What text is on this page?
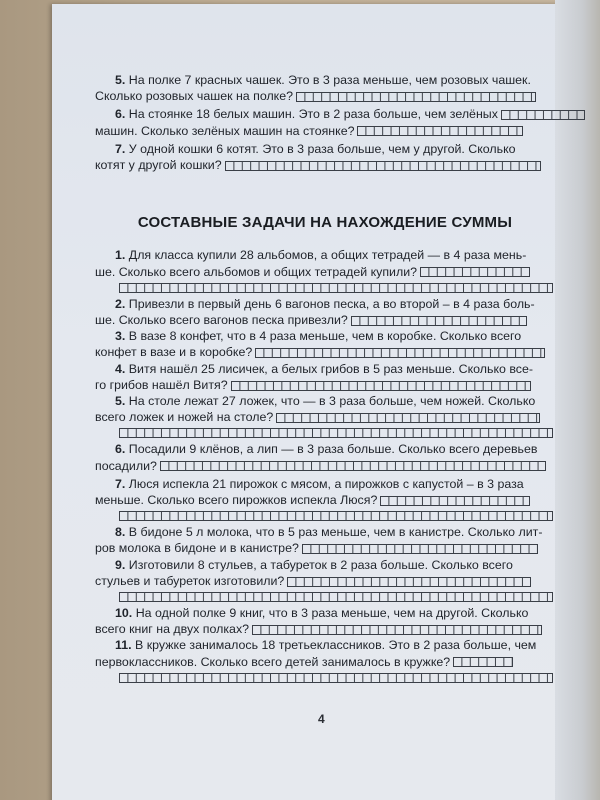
5. На полке 7 красных чашек. Это в 3 раза меньше, чем розовых чашек.
Сколько розовых чашек на полке?
6. На стоянке 18 белых машин. Это в 2 раза больше, чем зелёных
машин. Сколько зелёных машин на стоянке?
7. У одной кошки 6 котят. Это в 3 раза больше, чем у другой. Сколько
котят у другой кошки?
СОСТАВНЫЕ ЗАДАЧИ НА НАХОЖДЕНИЕ СУММЫ
1. Для класса купили 28 альбомов, а общих тетрадей — в 4 раза мень-
ше. Сколько всего альбомов и общих тетрадей купили?
2. Привезли в первый день 6 вагонов песка, а во второй – в 4 раза боль-
ше. Сколько всего вагонов песка привезли?
3. В вазе 8 конфет, что в 4 раза меньше, чем в коробке. Сколько всего
конфет в вазе и в коробке?
4. Витя нашёл 25 лисичек, а белых грибов в 5 раз меньше. Сколько все-
го грибов нашёл Витя?
5. На столе лежат 27 ложек, что — в 3 раза больше, чем ножей. Сколько
всего ложек и ножей на столе?
6. Посадили 9 клёнов, а лип — в 3 раза больше. Сколько всего деревьев
посадили?
7. Люся испекла 21 пирожок с мясом, а пирожков с капустой – в 3 раза
меньше. Сколько всего пирожков испекла Люся?
8. В бидоне 5 л молока, что в 5 раз меньше, чем в канистре. Сколько лит-
ров молока в бидоне и в канистре?
9. Изготовили 8 стульев, а табуреток в 2 раза больше. Сколько всего
стульев и табуреток изготовили?
10. На одной полке 9 книг, что в 3 раза меньше, чем на другой. Сколько
всего книг на двух полках?
11. В кружке занималось 18 третьеклассников. Это в 2 раза больше, чем
первоклассников. Сколько всего детей занималось в кружке?
4
